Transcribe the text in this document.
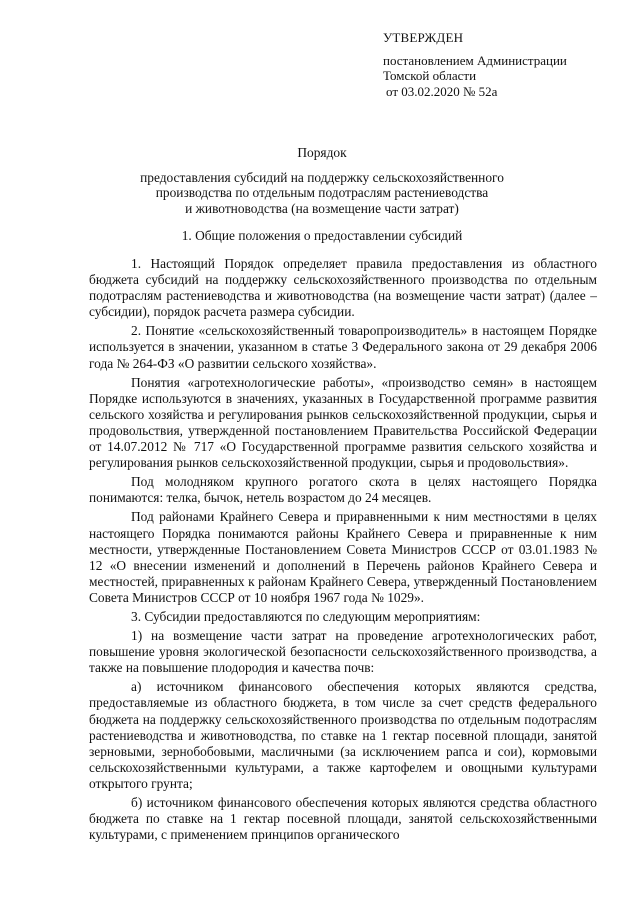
УТВЕРЖДЕН
постановлением Администрации
Томской области
от 03.02.2020 № 52а
Порядок
предоставления субсидий на поддержку сельскохозяйственного
производства по отдельным подотраслям растениеводства
и животноводства (на возмещение части затрат)
1. Общие положения о предоставлении субсидий

1. Настоящий Порядок определяет правила предоставления из областного бюджета субсидий на поддержку сельскохозяйственного производства по отдельным подотраслям растениеводства и животноводства (на возмещение части затрат) (далее – субсидии), порядок расчета размера субсидии.

2. Понятие «сельскохозяйственный товаропроизводитель» в настоящем Порядке используется в значении, указанном в статье 3 Федерального закона от 29 декабря 2006 года № 264-ФЗ «О развитии сельского хозяйства».

Понятия «агротехнологические работы», «производство семян» в настоящем Порядке используются в значениях, указанных в Государственной программе развития сельского хозяйства и регулирования рынков сельскохозяйственной продукции, сырья и продовольствия, утвержденной постановлением Правительства Российской Федерации от 14.07.2012 № 717 «О Государственной программе развития сельского хозяйства и регулирования рынков сельскохозяйственной продукции, сырья и продовольствия».

Под молодняком крупного рогатого скота в целях настоящего Порядка понимаются: телка, бычок, нетель возрастом до 24 месяцев.

Под районами Крайнего Севера и приравненными к ним местностями в целях настоящего Порядка понимаются районы Крайнего Севера и приравненные к ним местности, утвержденные Постановлением Совета Министров СССР от 03.01.1983 № 12 «О внесении изменений и дополнений в Перечень районов Крайнего Севера и местностей, приравненных к районам Крайнего Севера, утвержденный Постановлением Совета Министров СССР от 10 ноября 1967 года № 1029».

3. Субсидии предоставляются по следующим мероприятиям:

1) на возмещение части затрат на проведение агротехнологических работ, повышение уровня экологической безопасности сельскохозяйственного производства, а также на повышение плодородия и качества почв:

а) источником финансового обеспечения которых являются средства, предоставляемые из областного бюджета, в том числе за счет средств федерального бюджета на поддержку сельскохозяйственного производства по отдельным подотраслям растениеводства и животноводства, по ставке на 1 гектар посевной площади, занятой зерновыми, зернобобовыми, масличными (за исключением рапса и сои), кормовыми сельскохозяйственными культурами, а также картофелем и овощными культурами открытого грунта;

б) источником финансового обеспечения которых являются средства областного бюджета по ставке на 1 гектар посевной площади, занятой сельскохозяйственными культурами, с применением принципов органического
